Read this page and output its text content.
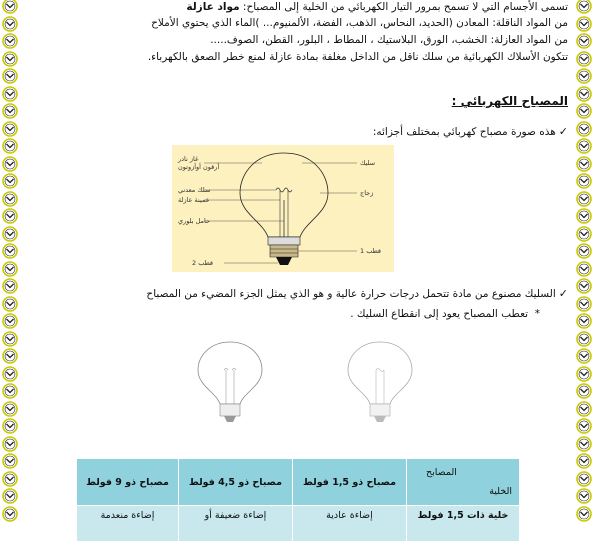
تسمى الأجسام التي لا تسمح بمرور التيار الكهربائي من الخلية إلى المصباح: مواد عازلة
من المواد الناقلة: المعادن (الحديد، النحاس، الذهب، الفضة، الألمنيوم... )الماء الذي يحتوي الأملاح
من المواد العازلة: الخشب، الورق، البلاستيك ، المطاط ، البلور، القطن، الصوف.....
تتكون الأسلاك الكهربائية من سلك ناقل من الداخل مغلفة بمادة عازلة لمنع خطر الصعق بالكهرباء.
المصباح الكهربائي :
✓هذه صورة مصباح كهربائي بمختلف أجزائه:
✓السليك مصنوع من مادة تتحمل درجات حرارة عالية و هو الذي يمثل الجزء المضيء من المصباح
*  تعطب المصباح يعود إلى انقطاع السليك .
غاز نادر
أرقون أوأزوتون
سلك معدني
عمينة عازلة
حامل بلوري
سليك
زجاج
قطب 1
قطب 2
المصابح
الخلية	مصباح ذو 1,5 فولط	مصباح ذو 4,5 فولط	مصباح ذو 9 فولط
خلية ذات 1,5 فولط	إضاءة عادية	إضاءة ضعيفة أو	إضاءة منعدمة
